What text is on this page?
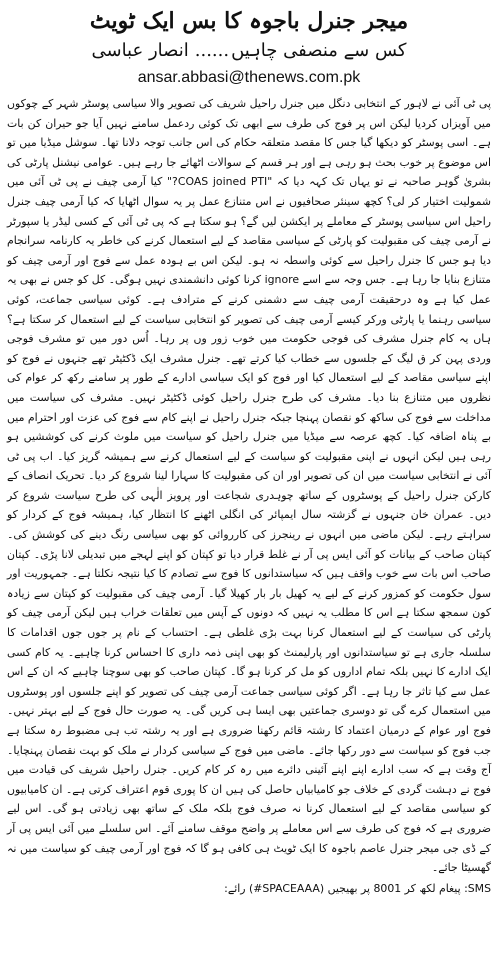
میجر جنرل باجوہ کا بس ایک ٹویٹ
کس سے منصفی چاہیں......انصار عباسی
ansar.abbasi@thenews.com.pk
پی ٹی آئی نے لاہور کے انتخابی دنگل میں جنرل راحیل شریف کی تصویر والا سیاسی پوسٹر شہر کے چوکوں میں آویزاں کردیا لیکن اس پر فوج کی طرف سے ابھی تک کوئی ردعمل سامنے نہیں آیا جو حیران کن بات ہے۔ اسی پوسٹر کو دیکھا گیا جس کا مقصد متعلقہ حکام کی اس جانب توجہ دلانا تھا۔ سوشل میڈیا میں تو اس موضوع پر خوب بحث ہو رہی ہے اور ہر قسم کے سوالات اٹھائے جا رہے ہیں۔ عوامی نیشنل پارٹی کی بشریٰ گوہر صاحبہ نے تو یہاں تک کہہ دیا کہ "COAS joined PTI?" کیا آرمی چیف نے پی ٹی آئی میں شمولیت اختیار کر لی؟ کچھ سینئر صحافیوں نے اس متنازع عمل پر یہ سوال اٹھایا کہ کیا آرمی چیف جنرل راحیل اس سیاسی پوسٹر کے معاملے پر ایکشن لیں گے؟ ہو سکتا ہے کہ پی ٹی آئی کے کسی لیڈر یا سپورٹر نے آرمی چیف کی مقبولیت کو پارٹی کے سیاسی مقاصد کے لیے استعمال کرنے کی خاطر یہ کارنامہ سرانجام دیا ہو جس کا جنرل راحیل سے کوئی واسطہ نہ ہو۔ لیکن اس بے ہودہ عمل سے فوج اور آرمی چیف کو متنازع بنایا جا رہا ہے۔ جس وجہ سے اسے ignore کرنا کوئی دانشمندی نہیں ہوگی۔ کل کو جس نے بھی یہ عمل کیا ہے وہ درحقیقت آرمی چیف سے دشمنی کرنے کے مترادف ہے۔ کوئی سیاسی جماعت، کوئی سیاسی رہنما یا پارٹی ورکر کیسے آرمی چیف کی تصویر کو انتخابی سیاست کے لیے استعمال کر سکتا ہے؟ ہاں یہ کام جنرل مشرف کی فوجی حکومت میں خوب زور وں پر رہا۔ اُس دور میں تو مشرف فوجی وردی پہن کر ق لیگ کے جلسوں سے خطاب کیا کرتے تھے۔ جنرل مشرف ایک ڈکٹیٹر تھے جنہوں نے فوج کو اپنے سیاسی مقاصد کے لیے استعمال کیا اور فوج کو ایک سیاسی ادارے کے طور پر سامنے رکھ کر عوام کی نظروں میں متنازع بنا دیا۔ مشرف کی طرح جنرل راحیل کوئی ڈکٹیٹر نہیں۔ مشرف کی سیاست میں مداخلت سے فوج کی ساکھ کو نقصان پہنچا جبکہ جنرل راحیل نے اپنے کام سے فوج کی عزت اور احترام میں بے پناہ اضافہ کیا۔ کچھ عرصہ سے میڈیا میں جنرل راحیل کو سیاست میں ملوث کرنے کی کوششیں ہو رہی ہیں لیکن انہوں نے اپنی مقبولیت کو سیاست کے لیے استعمال کرنے سے ہمیشہ گریز کیا۔ اب پی ٹی آئی نے انتخابی سیاست میں ان کی تصویر اور ان کی مقبولیت کا سہارا لینا شروع کر دیا۔ تحریک انصاف کے کارکن جنرل راحیل کے پوسٹروں کے ساتھ چوہدری شجاعت اور پرویز الٰہی کی طرح سیاست شروع کر دیں۔ عمران خان جنہوں نے گزشتہ سال ایمپائر کی انگلی اٹھنے کا انتظار کیا، ہمیشہ فوج کے کردار کو سراہتے رہے۔ لیکن ماضی میں انہوں نے رینجرز کی کارروائی کو بھی سیاسی رنگ دینے کی کوشش کی۔ کپتان صاحب کے بیانات کو آئی ایس پی آر نے غلط قرار دیا تو کپتان کو اپنے لہجے میں تبدیلی لانا پڑی۔ کپتان صاحب اس بات سے خوب واقف ہیں کہ سیاستدانوں کا فوج سے تصادم کا کیا نتیجہ نکلتا ہے۔ جمہوریت اور سول حکومت کو کمزور کرنے کے لیے یہ کھیل بار بار کھیلا گیا۔ آرمی چیف کی مقبولیت کو کپتان سے زیادہ کون سمجھ سکتا ہے اس کا مطلب یہ نہیں کہ دونوں کے آپس میں تعلقات خراب ہیں لیکن آرمی چیف کو پارٹی کی سیاست کے لیے استعمال کرنا بہت بڑی غلطی ہے۔ احتساب کے نام پر جوں جوں اقدامات کا سلسلہ جاری ہے تو سیاستدانوں اور پارلیمنٹ کو بھی اپنی ذمہ داری کا احساس کرنا چاہیے۔ یہ کام کسی ایک ادارے کا نہیں بلکہ تمام اداروں کو مل کر کرنا ہو گا۔ کپتان صاحب کو بھی سوچنا چاہیے کہ ان کے اس عمل سے کیا تاثر جا رہا ہے۔ اگر کوئی سیاسی جماعت آرمی چیف کی تصویر کو اپنے جلسوں اور پوسٹروں میں استعمال کرے گی تو دوسری جماعتیں بھی ایسا ہی کریں گی۔ یہ صورت حال فوج کے لیے بہتر نہیں۔ فوج اور عوام کے درمیان اعتماد کا رشتہ قائم رکھنا ضروری ہے اور یہ رشتہ تب ہی مضبوط رہ سکتا ہے جب فوج کو سیاست سے دور رکھا جائے۔ ماضی میں فوج کے سیاسی کردار نے ملک کو بہت نقصان پہنچایا۔ آج وقت ہے کہ سب ادارے اپنے اپنے آئینی دائرے میں رہ کر کام کریں۔ جنرل راحیل شریف کی قیادت میں فوج نے دہشت گردی کے خلاف جو کامیابیاں حاصل کی ہیں ان کا پوری قوم اعتراف کرتی ہے۔ ان کامیابیوں کو سیاسی مقاصد کے لیے استعمال کرنا نہ صرف فوج بلکہ ملک کے ساتھ بھی زیادتی ہو گی۔ اس لیے ضروری ہے کہ فوج کی طرف سے اس معاملے پر واضح موقف سامنے آئے۔ اس سلسلے میں آئی ایس پی آر کے ڈی جی میجر جنرل عاصم باجوہ کا ایک ٹویٹ ہی کافی ہو گا کہ فوج اور آرمی چیف کو سیاست میں نہ گھسیٹا جائے۔
SMS: پیغام لکھ کر 8001 پر بھیجیں (SPACEAAA#) رائے:
